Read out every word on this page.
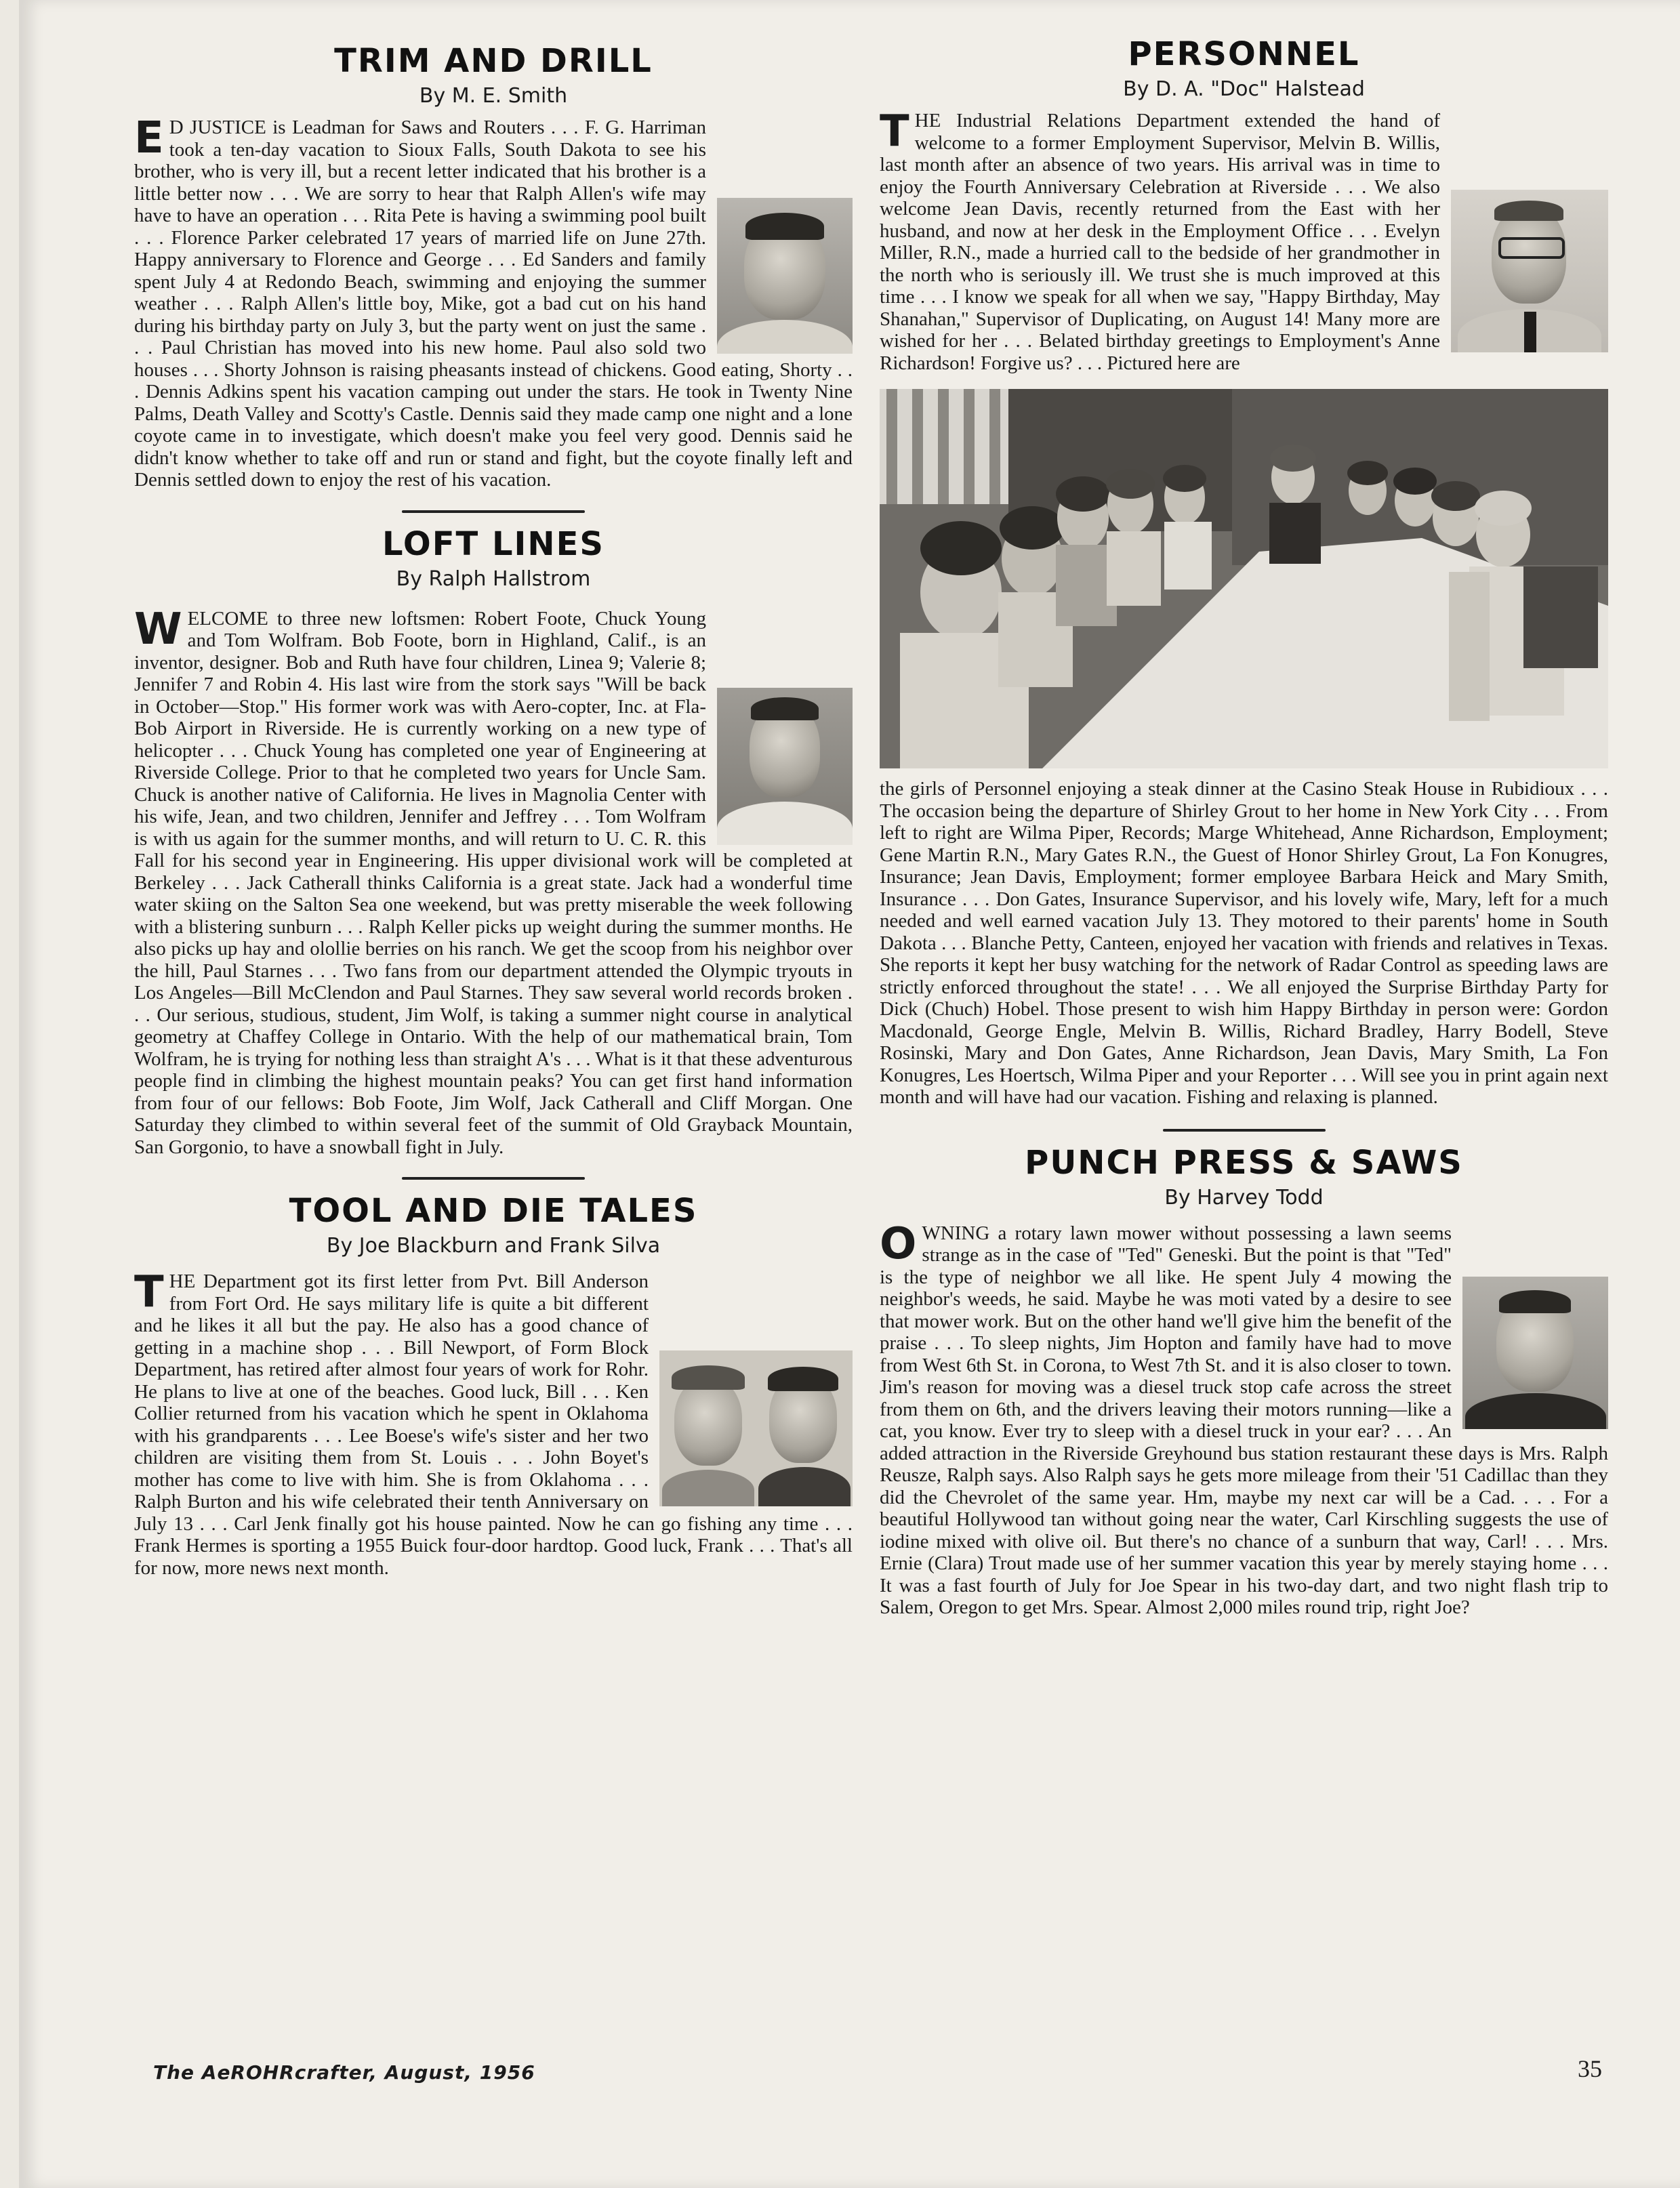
TRIM AND DRILL
By M. E. Smith

E D JUSTICE is Leadman for Saws and Routers . . . F. G. Harriman took a ten-day vacation to Sioux Falls, South Dakota to see his brother, who is very ill, but a recent letter indicated that his brother is a little better now . . . We are sorry to hear that Ralph Allen's wife may have to have an operation . . . Rita Pete is having a swimming pool built . . . Florence Parker celebrated 17 years of married life on June 27th. Happy anniversary to Florence and George . . . Ed Sanders and family spent July 4 at Redondo Beach, swimming and enjoying the summer weather . . . Ralph Allen's little boy, Mike, got a bad cut on his hand during his birthday party on July 3, but the party went on just the same . . . Paul Christian has moved into his new home. Paul also sold two houses . . . Shorty Johnson is raising pheasants instead of chickens. Good eating, Shorty . . . Dennis Adkins spent his vacation camping out under the stars. He took in Twenty Nine Palms, Death Valley and Scotty's Castle. Dennis said they made camp one night and a lone coyote came in to investigate, which doesn't make you feel very good. Dennis said he didn't know whether to take off and run or stand and fight, but the coyote finally left and Dennis settled down to enjoy the rest of his vacation.

LOFT LINES
By Ralph Hallstrom

W ELCOME to three new loftsmen: Robert Foote, Chuck Young and Tom Wolfram. Bob Foote, born in Highland, Calif., is an inventor, designer. Bob and Ruth have four children, Linea 9; Valerie 8; Jennifer 7 and Robin 4. His last wire from the stork says "Will be back in October—Stop." His former work was with Aero-copter, Inc. at Fla-Bob Airport in Riverside. He is currently working on a new type of helicopter . . . Chuck Young has completed one year of Engineering at Riverside College. Prior to that he completed two years for Uncle Sam. Chuck is another native of California. He lives in Magnolia Center with his wife, Jean, and two children, Jennifer and Jeffrey . . . Tom Wolfram is with us again for the summer months, and will return to U. C. R. this Fall for his second year in Engineering. His upper divisional work will be completed at Berkeley . . . Jack Catherall thinks California is a great state. Jack had a wonderful time water skiing on the Salton Sea one weekend, but was pretty miserable the week following with a blistering sunburn . . . Ralph Keller picks up weight during the summer months. He also picks up hay and olollie berries on his ranch. We get the scoop from his neighbor over the hill, Paul Starnes . . . Two fans from our department attended the Olympic tryouts in Los Angeles—Bill McClendon and Paul Starnes. They saw several world records broken . . . Our serious, studious, student, Jim Wolf, is taking a summer night course in analytical geometry at Chaffey College in Ontario. With the help of our mathematical brain, Tom Wolfram, he is trying for nothing less than straight A's . . . What is it that these adventurous people find in climbing the highest mountain peaks? You can get first hand information from four of our fellows: Bob Foote, Jim Wolf, Jack Catherall and Cliff Morgan. One Saturday they climbed to within several feet of the summit of Old Grayback Mountain, San Gorgonio, to have a snowball fight in July.

TOOL AND DIE TALES
By Joe Blackburn and Frank Silva

T HE Department got its first letter from Pvt. Bill Anderson from Fort Ord. He says military life is quite a bit different and he likes it all but the pay. He also has a good chance of getting in a machine shop . . . Bill Newport, of Form Block Department, has retired after almost four years of work for Rohr. He plans to live at one of the beaches. Good luck, Bill . . . Ken Collier returned from his vacation which he spent in Oklahoma with his grandparents . . . Lee Boese's wife's sister and her two children are visiting them from St. Louis . . . John Boyet's mother has come to live with him. She is from Oklahoma . . . Ralph Burton and his wife celebrated their tenth Anniversary on July 13 . . . Carl Jenk finally got his house painted. Now he can go fishing any time . . . Frank Hermes is sporting a 1955 Buick four-door hardtop. Good luck, Frank . . . That's all for now, more news next month.

PERSONNEL
By D. A. "Doc" Halstead

T HE Industrial Relations Department extended the hand of welcome to a former Employment Supervisor, Melvin B. Willis, last month after an absence of two years. His arrival was in time to enjoy the Fourth Anniversary Celebration at Riverside . . . We also welcome Jean Davis, recently returned from the East with her husband, and now at her desk in the Employment Office . . . Evelyn Miller, R.N., made a hurried call to the bedside of her grandmother in the north who is seriously ill. We trust she is much improved at this time . . . I know we speak for all when we say, "Happy Birthday, May Shanahan," Supervisor of Duplicating, on August 14! Many more are wished for her . . . Belated birthday greetings to Employment's Anne Richardson! Forgive us? . . . Pictured here are

the girls of Personnel enjoying a steak dinner at the Casino Steak House in Rubidioux . . . The occasion being the departure of Shirley Grout to her home in New York City . . . From left to right are Wilma Piper, Records; Marge Whitehead, Anne Richardson, Employment; Gene Martin R.N., Mary Gates R.N., the Guest of Honor Shirley Grout, La Fon Konugres, Insurance; Jean Davis, Employment; former employee Barbara Heick and Mary Smith, Insurance . . . Don Gates, Insurance Supervisor, and his lovely wife, Mary, left for a much needed and well earned vacation July 13. They motored to their parents' home in South Dakota . . . Blanche Petty, Canteen, enjoyed her vacation with friends and relatives in Texas. She reports it kept her busy watching for the network of Radar Control as speeding laws are strictly enforced throughout the state! . . . We all enjoyed the Surprise Birthday Party for Dick (Chuch) Hobel. Those present to wish him Happy Birthday in person were: Gordon Macdonald, George Engle, Melvin B. Willis, Richard Bradley, Harry Bodell, Steve Rosinski, Mary and Don Gates, Anne Richardson, Jean Davis, Mary Smith, La Fon Konugres, Les Hoertsch, Wilma Piper and your Reporter . . . Will see you in print again next month and will have had our vacation. Fishing and relaxing is planned.

PUNCH PRESS & SAWS
By Harvey Todd

O WNING a rotary lawn mower without possessing a lawn seems strange as in the case of "Ted" Geneski. But the point is that "Ted" is the type of neighbor we all like. He spent July 4 mowing the neighbor's weeds, he said. Maybe he was moti vated by a desire to see that mower work. But on the other hand we'll give him the benefit of the praise . . . To sleep nights, Jim Hopton and family have had to move from West 6th St. in Corona, to West 7th St. and it is also closer to town. Jim's reason for moving was a diesel truck stop cafe across the street from them on 6th, and the drivers leaving their motors running—like a cat, you know. Ever try to sleep with a diesel truck in your ear? . . . An added attraction in the Riverside Greyhound bus station restaurant these days is Mrs. Ralph Reusze, Ralph says. Also Ralph says he gets more mileage from their '51 Cadillac than they did the Chevrolet of the same year. Hm, maybe my next car will be a Cad. . . . For a beautiful Hollywood tan without going near the water, Carl Kirschling suggests the use of iodine mixed with olive oil. But there's no chance of a sunburn that way, Carl! . . . Mrs. Ernie (Clara) Trout made use of her summer vacation this year by merely staying home . . . It was a fast fourth of July for Joe Spear in his two-day dart, and two night flash trip to Salem, Oregon to get Mrs. Spear. Almost 2,000 miles round trip, right Joe?

The AeROHRcrafter, August, 1956	35
